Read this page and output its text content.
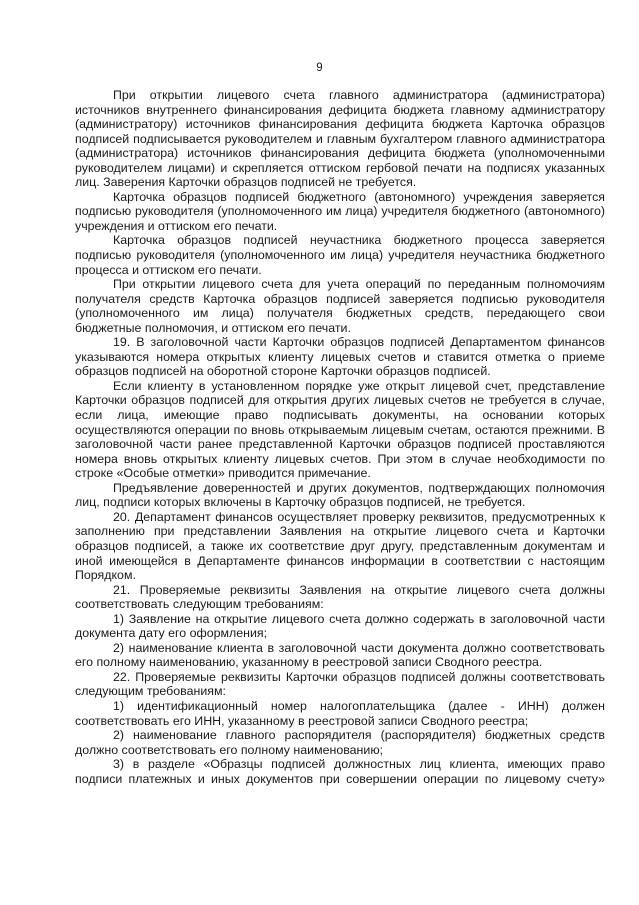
9

При открытии лицевого счета главного администратора (администратора) источников внутреннего финансирования дефицита бюджета главному администратору (администратору) источников финансирования дефицита бюджета Карточка образцов подписей подписывается руководителем и главным бухгалтером главного администратора (администратора) источников финансирования дефицита бюджета (уполномоченными руководителем лицами) и скрепляется оттиском гербовой печати на подписях указанных лиц. Заверения Карточки образцов подписей не требуется.

Карточка образцов подписей бюджетного (автономного) учреждения заверяется подписью руководителя (уполномоченного им лица) учредителя бюджетного (автономного) учреждения и оттиском его печати.

Карточка образцов подписей неучастника бюджетного процесса заверяется подписью руководителя (уполномоченного им лица) учредителя неучастника бюджетного процесса и оттиском его печати.

При открытии лицевого счета для учета операций по переданным полномочиям получателя средств Карточка образцов подписей заверяется подписью руководителя (уполномоченного им лица) получателя бюджетных средств, передающего свои бюджетные полномочия, и оттиском его печати.

19. В заголовочной части Карточки образцов подписей Департаментом финансов указываются номера открытых клиенту лицевых счетов и ставится отметка о приеме образцов подписей на оборотной стороне Карточки образцов подписей.

Если клиенту в установленном порядке уже открыт лицевой счет, представление Карточки образцов подписей для открытия других лицевых счетов не требуется в случае, если лица, имеющие право подписывать документы, на основании которых осуществляются операции по вновь открываемым лицевым счетам, остаются прежними. В заголовочной части ранее представленной Карточки образцов подписей проставляются номера вновь открытых клиенту лицевых счетов. При этом в случае необходимости по строке «Особые отметки» приводится примечание.

Предъявление доверенностей и других документов, подтверждающих полномочия лиц, подписи которых включены в Карточку образцов подписей, не требуется.

20. Департамент финансов осуществляет проверку реквизитов, предусмотренных к заполнению при представлении Заявления на открытие лицевого счета и Карточки образцов подписей, а также их соответствие друг другу, представленным документам и иной имеющейся в Департаменте финансов информации в соответствии с настоящим Порядком.

21. Проверяемые реквизиты Заявления на открытие лицевого счета должны соответствовать следующим требованиям:

1) Заявление на открытие лицевого счета должно содержать в заголовочной части документа дату его оформления;

2) наименование клиента в заголовочной части документа должно соответствовать его полному наименованию, указанному в реестровой записи Сводного реестра.

22. Проверяемые реквизиты Карточки образцов подписей должны соответствовать следующим требованиям:

1) идентификационный номер налогоплательщика (далее - ИНН) должен соответствовать его ИНН, указанному в реестровой записи Сводного реестра;

2) наименование главного распорядителя (распорядителя) бюджетных средств должно соответствовать его полному наименованию;

3) в разделе «Образцы подписей должностных лиц клиента, имеющих право подписи платежных и иных документов при совершении операции по лицевому счету»
